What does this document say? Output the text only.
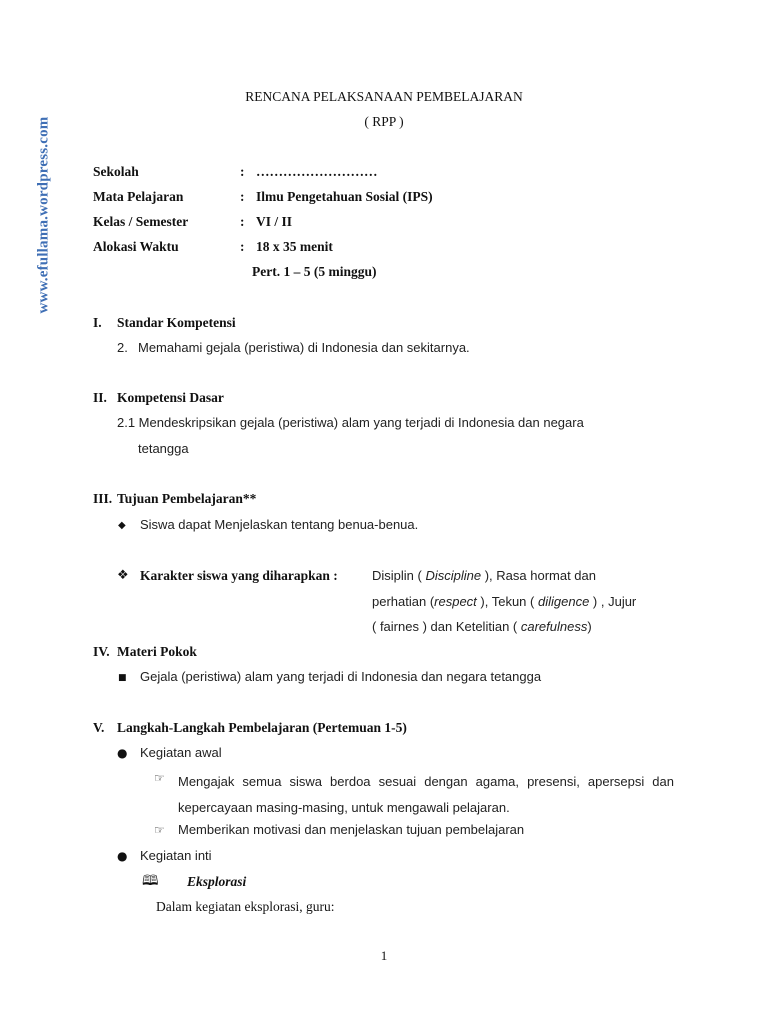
www.efullama.wordpress.com
RENCANA PELAKSANAAN PEMBELAJARAN
( RPP )
Sekolah	: ………………………
Mata Pelajaran	: Ilmu Pengetahuan Sosial (IPS)
Kelas / Semester	: VI / II
Alokasi Waktu	: 18 x 35 menit
Pert. 1 – 5 (5 minggu)
I. Standar Kompetensi
2. Memahami gejala (peristiwa) di Indonesia dan sekitarnya.
II. Kompetensi Dasar
2.1 Mendeskripsikan gejala (peristiwa) alam yang terjadi di Indonesia dan negara
tetangga
III. Tujuan Pembelajaran**
◆ Siswa dapat Menjelaskan tentang benua-benua.
❖ Karakter siswa yang diharapkan :	Disiplin ( Discipline ), Rasa hormat dan
perhatian (respect ), Tekun ( diligence ) , Jujur
( fairnes ) dan Ketelitian ( carefulness)
IV. Materi Pokok
■ Gejala (peristiwa) alam yang terjadi di Indonesia dan negara tetangga
V. Langkah-Langkah Pembelajaran (Pertemuan 1-5)
● Kegiatan awal
☞ Mengajak semua siswa berdoa sesuai dengan agama, presensi, apersepsi dan kepercayaan masing-masing, untuk mengawali pelajaran.
☞ Memberikan motivasi dan menjelaskan tujuan pembelajaran
● Kegiatan inti
🕮 Eksplorasi
Dalam kegiatan eksplorasi, guru:
1
